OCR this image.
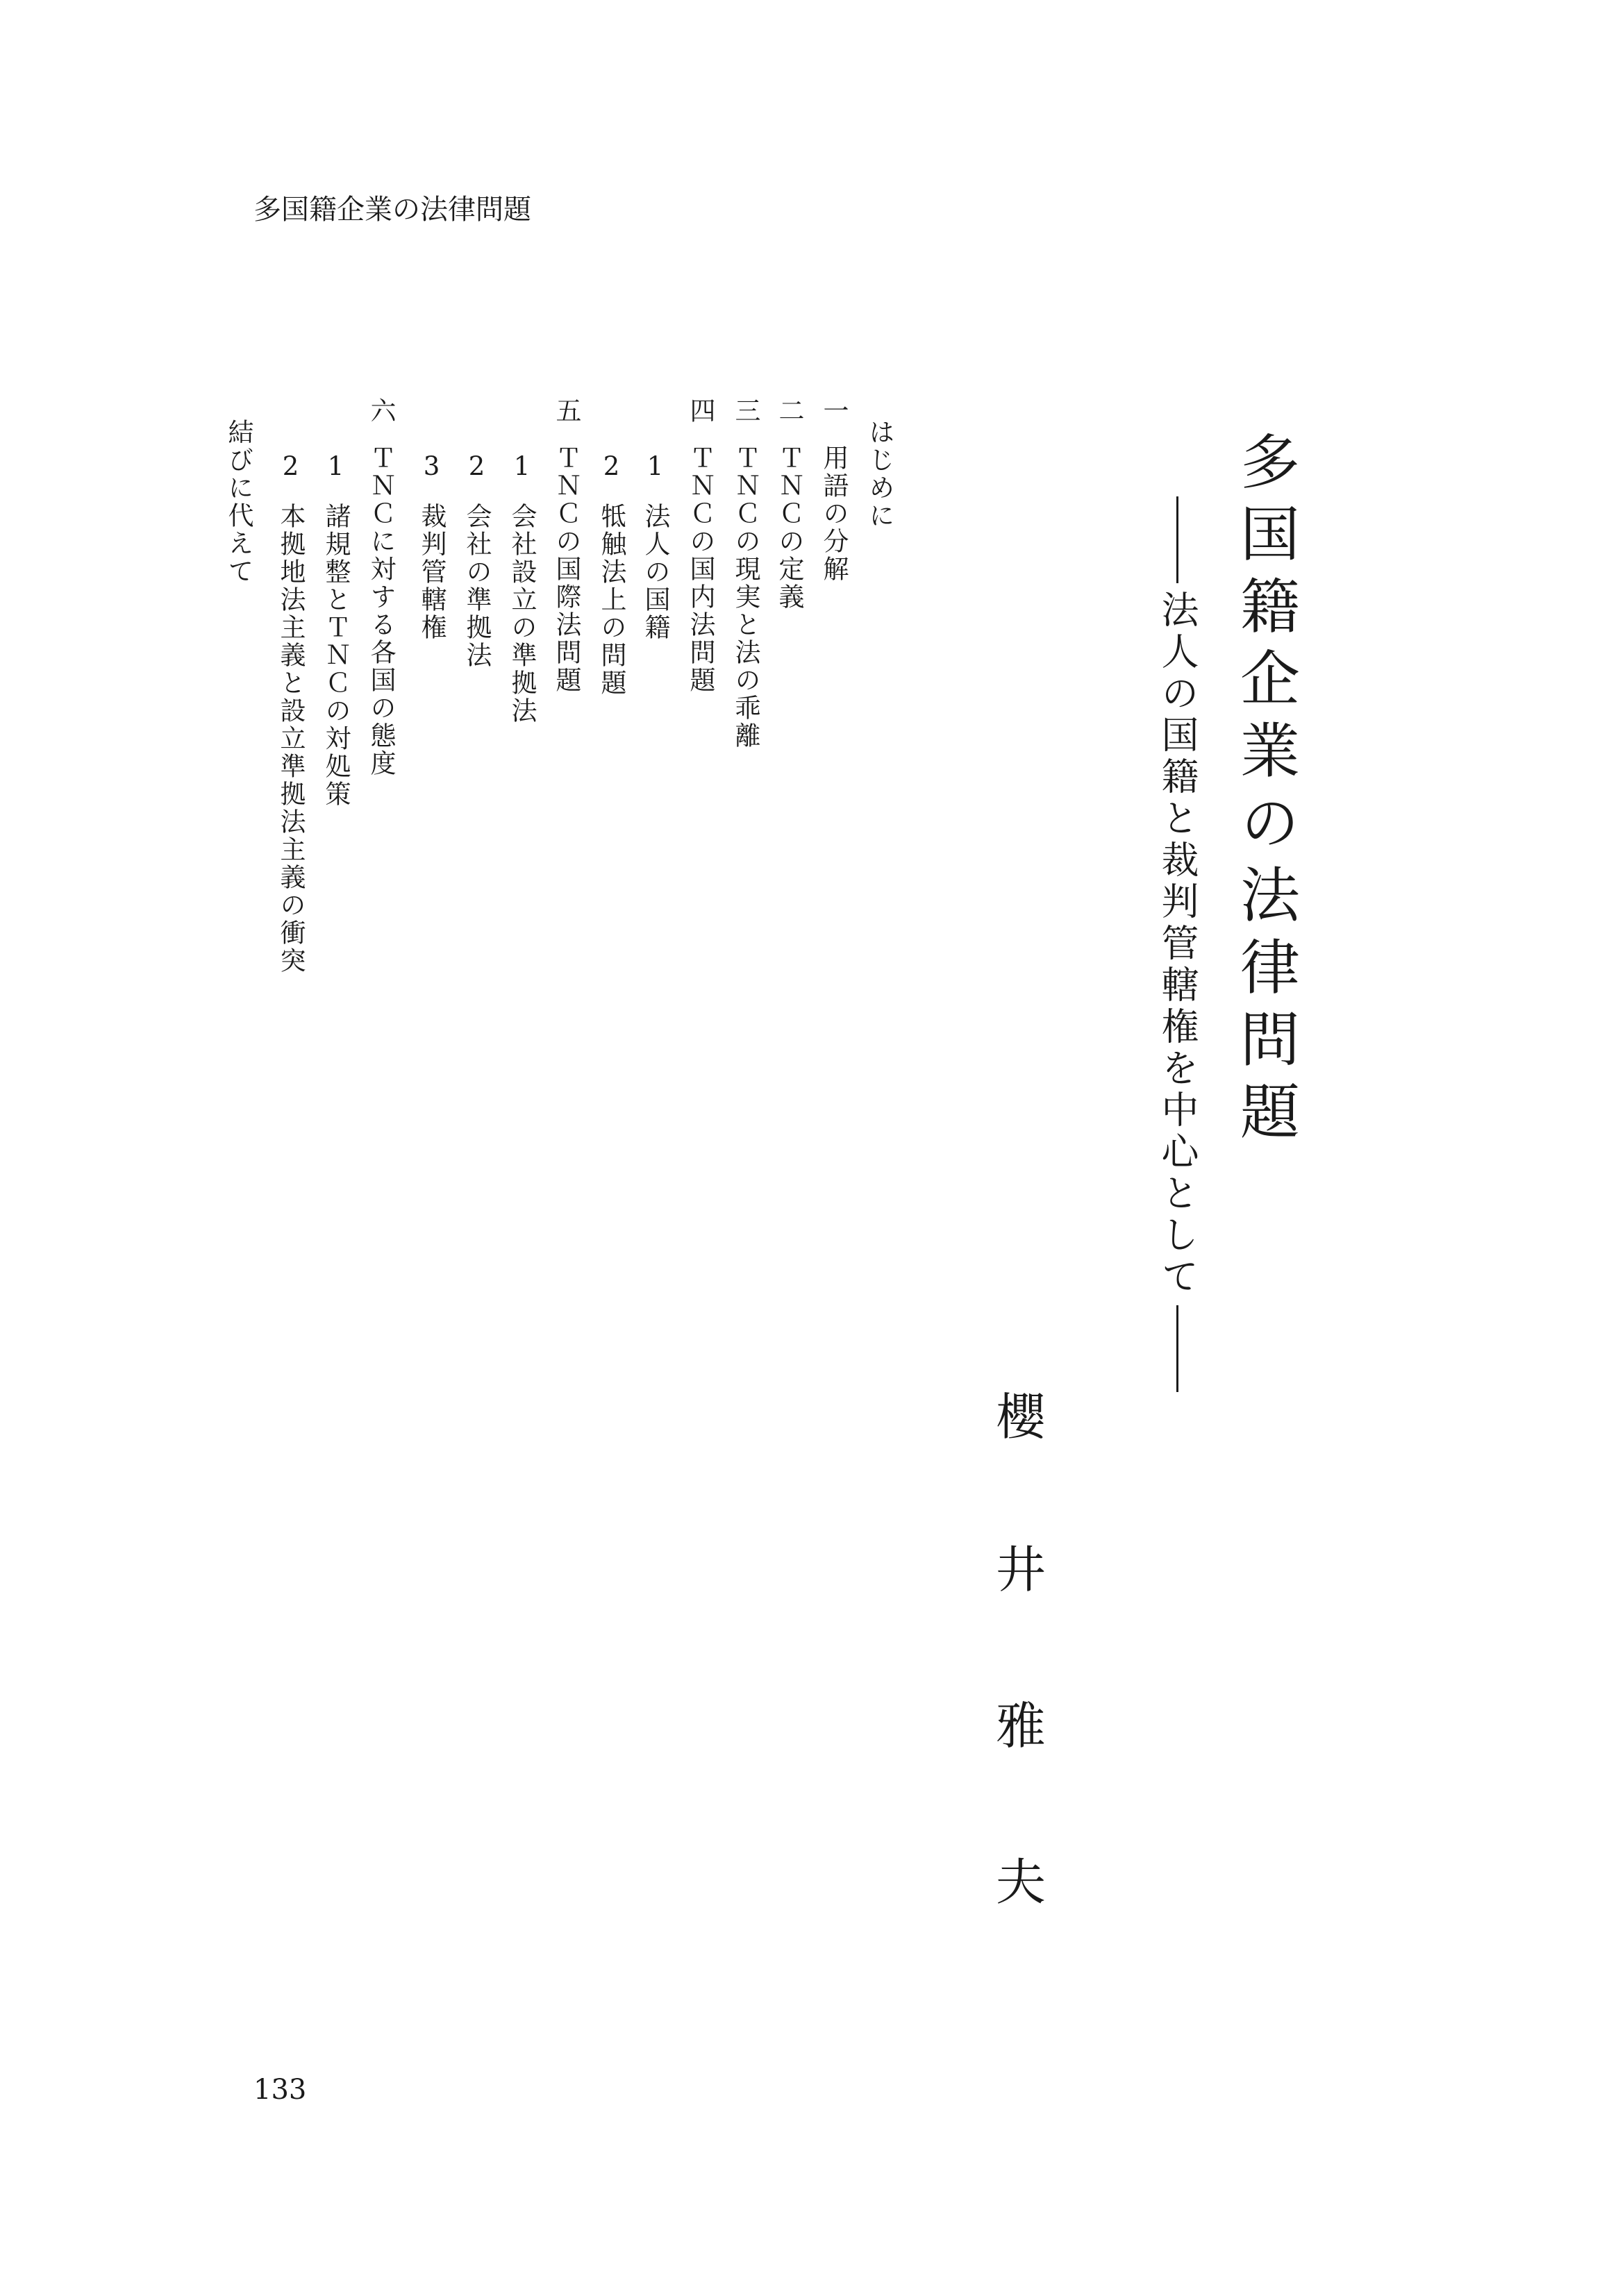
多国籍企業の法律問題
多国籍企業の法律問題
法人の国籍と裁判管轄権を中心として
櫻
井
雅
夫
はじめに
一用語の分解
二ＴＮＣの定義
三ＴＮＣの現実と法の乖離
四ＴＮＣの国内法問題
1法人の国籍
2牴触法上の問題
五ＴＮＣの国際法問題
1会社設立の準拠法
2会社の準拠法
3裁判管轄権
六ＴＮＣに対する各国の態度
1諸規整とＴＮＣの対処策
2本拠地法主義と設立準拠法主義の衝突
結びに代えて
133
